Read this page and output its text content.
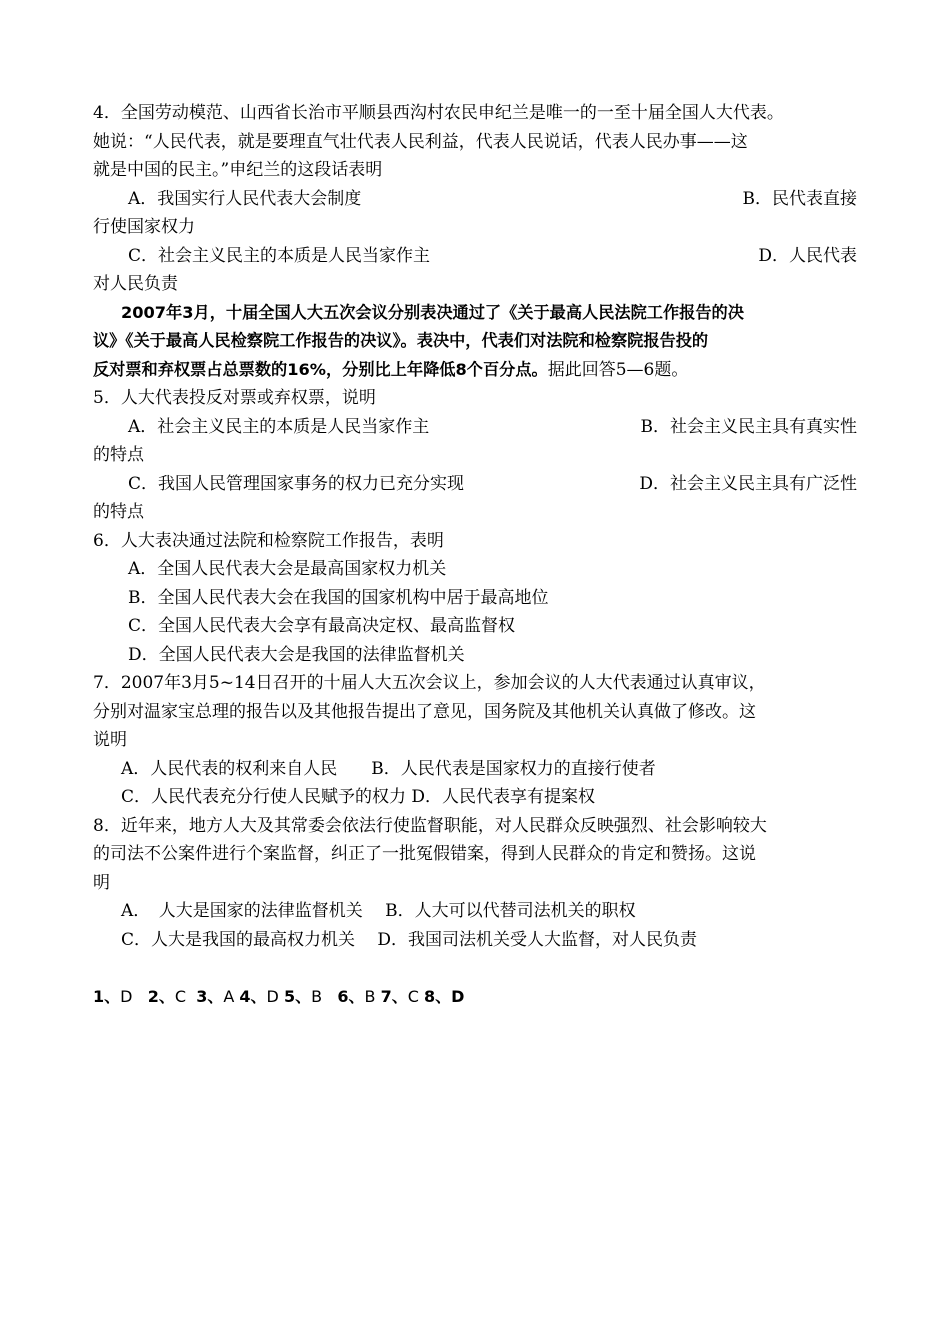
4．全国劳动模范、山西省长治市平顺县西沟村农民申纪兰是唯一的一至十届全国人大代表。
她说：“人民代表，就是要理直气壮代表人民利益，代表人民说话，代表人民办事——这
就是中国的民主。”申纪兰的这段话表明
A．我国实行人民代表大会制度	B．民代表直接
行使国家权力
C．社会主义民主的本质是人民当家作主	D．人民代表
对人民负责
2007年3月，十届全国人大五次会议分别表决通过了《关于最高人民法院工作报告的决
议》《关于最高人民检察院工作报告的决议》。表决中，代表们对法院和检察院报告投的
反对票和弃权票占总票数的16%，分别比上年降低8个百分点。据此回答5—6题。
5．人大代表投反对票或弃权票，说明
A．社会主义民主的本质是人民当家作主	B．社会主义民主具有真实性
的特点
C．我国人民管理国家事务的权力已充分实现	D．社会主义民主具有广泛性
的特点
6．人大表决通过法院和检察院工作报告，表明
A．全国人民代表大会是最高国家权力机关
B．全国人民代表大会在我国的国家机构中居于最高地位
C．全国人民代表大会享有最高决定权、最高监督权
D．全国人民代表大会是我国的法律监督机关
7．2007年3月5~14日召开的十届人大五次会议上，参加会议的人大代表通过认真审议，
分别对温家宝总理的报告以及其他报告提出了意见，国务院及其他机关认真做了修改。这
说明
A．人民代表的权利来自人民　　B．人民代表是国家权力的直接行使者
C．人民代表充分行使人民赋予的权力 D．人民代表享有提案权
8．近年来，地方人大及其常委会依法行使监督职能，对人民群众反映强烈、社会影响较大
的司法不公案件进行个案监督，纠正了一批冤假错案，得到人民群众的肯定和赞扬。这说
明
A．　人大是国家的法律监督机关　 B．人大可以代替司法机关的职权
C．人大是我国的最高权力机关　 D．我国司法机关受人大监督，对人民负责
1、D 2、C 3、A 4、D 5、B 6、B 7、C 8、D
